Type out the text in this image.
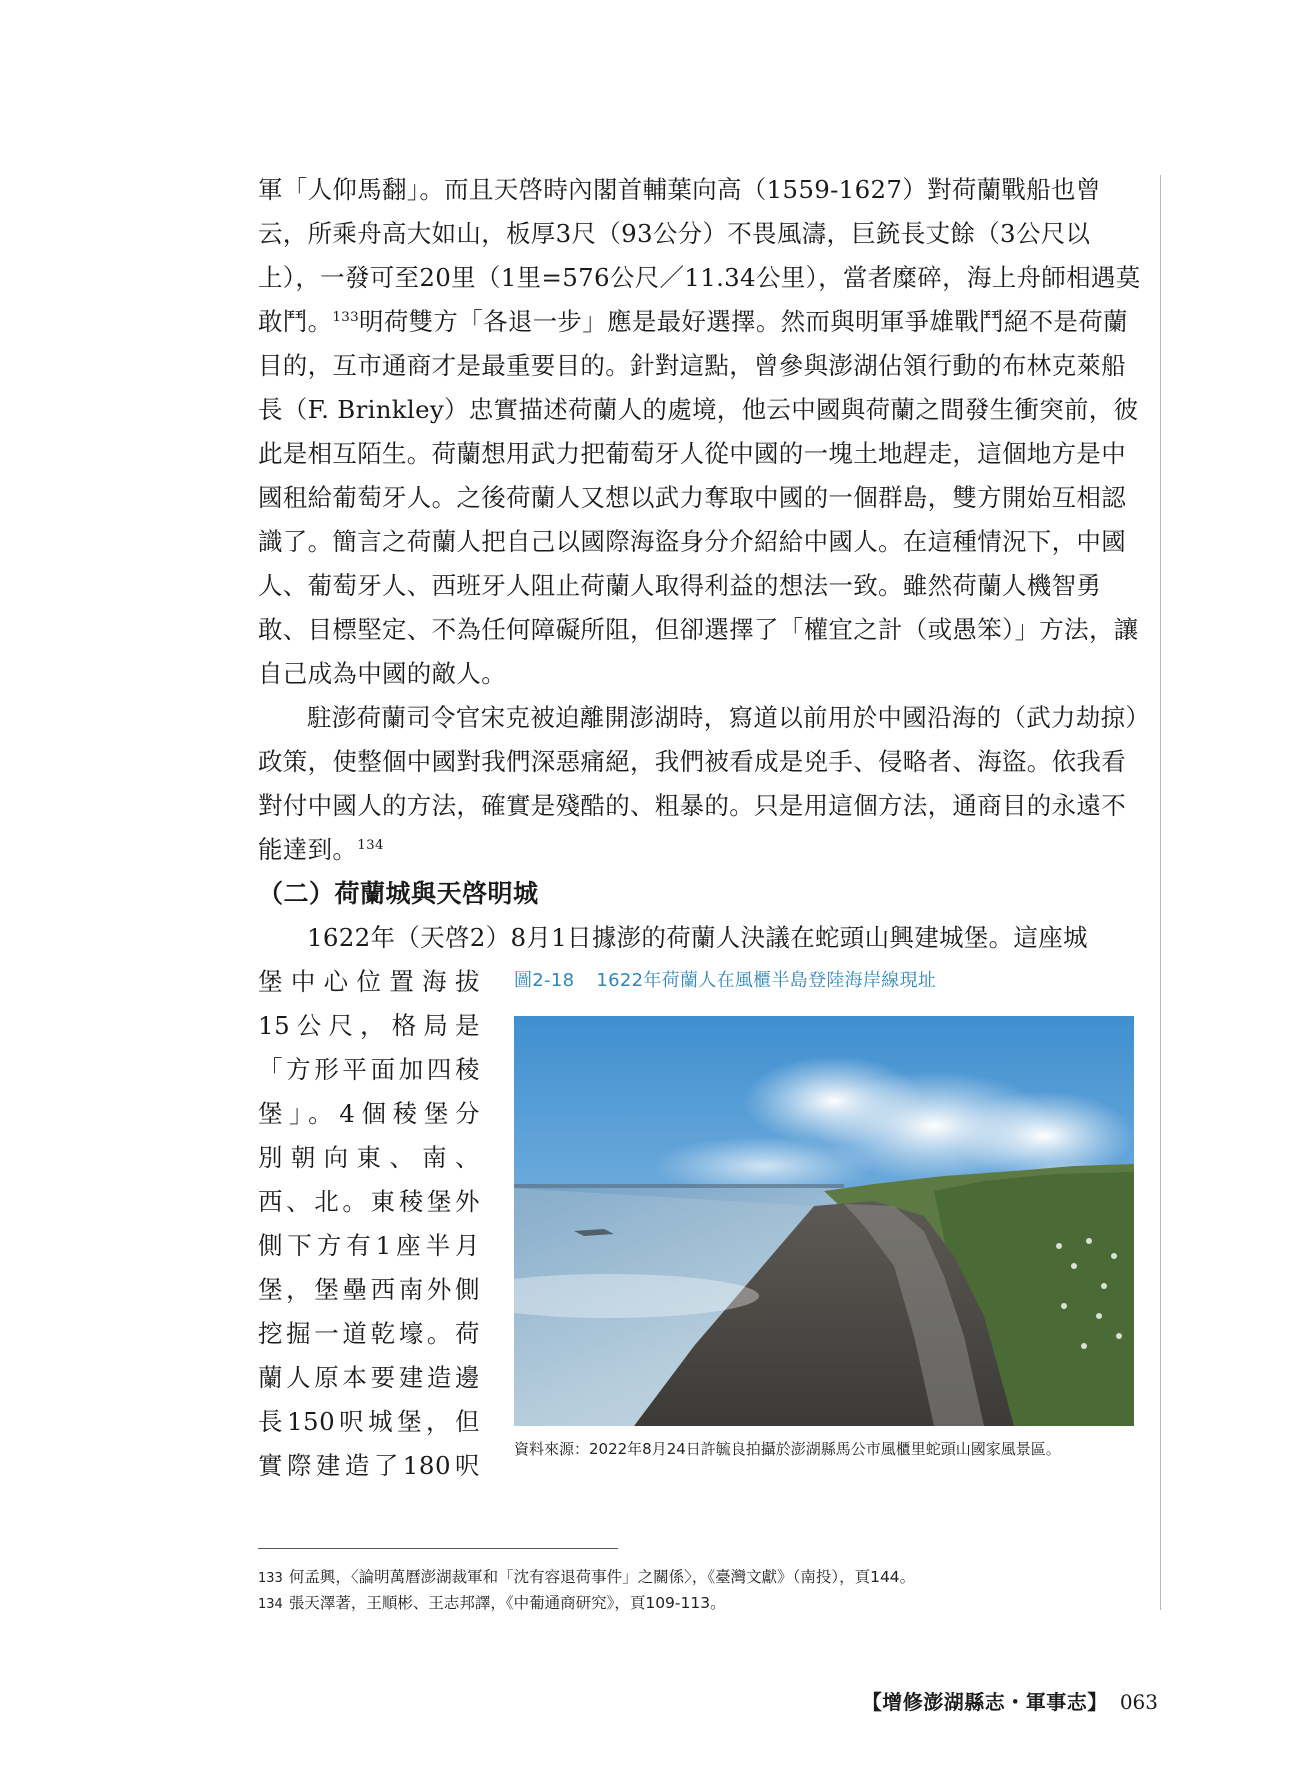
軍「人仰馬翻」。而且天啓時內閣首輔葉向高（1559-1627）對荷蘭戰船也曾云，所乘舟高大如山，板厚3尺（93公分）不畏風濤，巨銃長丈餘（3公尺以上），一發可至20里（1里=576公尺／11.34公里），當者糜碎，海上舟師相遇莫敢鬥。$^{133}$明荷雙方「各退一步」應是最好選擇。然而與明軍爭雄戰鬥絕不是荷蘭目的，互市通商才是最重要目的。針對這點，曾參與澎湖佔領行動的布林克萊船長（F. Brinkley）忠實描述荷蘭人的處境，他云中國與荷蘭之間發生衝突前，彼此是相互陌生。荷蘭想用武力把葡萄牙人從中國的一塊土地趕走，這個地方是中國租給葡萄牙人。之後荷蘭人又想以武力奪取中國的一個群島，雙方開始互相認識了。簡言之荷蘭人把自己以國際海盜身分介紹給中國人。在這種情況下，中國人、葡萄牙人、西班牙人阻止荷蘭人取得利益的想法一致。雖然荷蘭人機智勇敢、目標堅定、不為任何障礙所阻，但卻選擇了「權宜之計（或愚笨）」方法，讓自己成為中國的敵人。

駐澎荷蘭司令官宋克被迫離開澎湖時，寫道以前用於中國沿海的（武力劫掠）政策，使整個中國對我們深惡痛絕，我們被看成是兇手、侵略者、海盜。依我看對付中國人的方法，確實是殘酷的、粗暴的。只是用這個方法，通商目的永遠不能達到。$^{134}$

（二）荷蘭城與天啓明城
1622年（天啓2）8月1日據澎的荷蘭人決議在蛇頭山興建城堡。這座城
堡中心位置海拔
15公尺，格局是
「方形平面加四稜
堡」。4個稜堡分
別朝向東、南、
西、北。東稜堡外
側下方有1座半月
堡，堡壘西南外側
挖掘一道乾壕。荷
蘭人原本要建造邊
長150呎城堡，但
實際建造了180呎
圖2-18 1622年荷蘭人在風櫃半島登陸海岸線現址
資料來源：2022年8月24日許毓良拍攝於澎湖縣馬公市風櫃里蛇頭山國家風景區。
133 何孟興，〈論明萬曆澎湖裁軍和「沈有容退荷事件」之關係〉，《臺灣文獻》（南投），頁144。
134 張天澤著，王順彬、王志邦譯，《中葡通商研究》，頁109-113。
【增修澎湖縣志・軍事志】 063
